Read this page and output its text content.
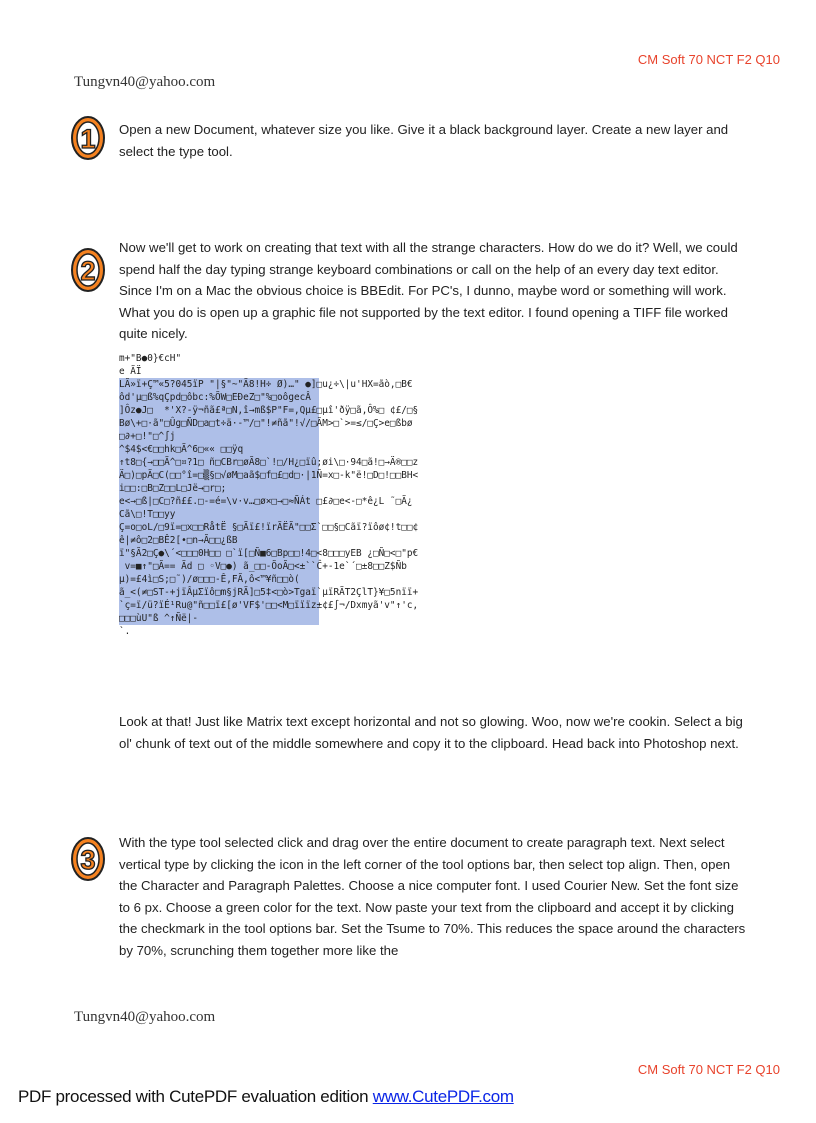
CM Soft 70 NCT F2 Q10
Tungvn40@yahoo.com
1 Open a new Document, whatever size you like. Give it a black background layer. Create a new layer and select the type tool.
2
Now we'll get to work on creating that text with all the strange characters. How do we do it? Well, we could spend half the day typing strange keyboard combinations or call on the help of an every day text editor. Since I'm on a Mac the obvious choice is BBEdit. For PC's, I dunno, maybe word or something will work. What you do is open up a graphic file not supported by the text editor. I found opening a TIFF file worked quite nicely.
m+"B●0}€cH"
e ÃÏ
LÃ»ï+Ç™«5?045ïP "|§"~"Ã8!H÷ Ø)…" ●]□u¿÷\|u'HX=ãò,□B€
ôd'µ□ß%qÇpd□ôbc:%ÕW□EÐeZ□"%□oôgecÂ
]Ôz●J□  *'X?-ÿ¬ñã£ª□N,î→mß$P"F=,Qµ£□µî'ðÿ□ã,Ô%□ ¢£/□§
Bø\+□·ã"□Ûg□ÑD□a□t÷ä·-™/□"!≠ñã"!√/□ÃM>□`>=≤/□Ç>e□ßbø
□∂+□!"□^∫j
^$4$<€□□hk□Ã^6□«« □□ÿq
↑t8□{→□□Ã^□¤?1□ ñ□CBr□øÃ8□`!□/H¿□ïû;øi\□·94□ã!□→Ä®□□z
Ä□)□pÃ□C(□□°î=□▒§□√øM□aã$□f□£□d□·|1Ñ=x□-k"ë!□D□!□□BH<
i□□:□B□Z□□L□Jë→□r□;
e<→□ß|□C□?ñ££.□-=é=\v·v…□ø×□→□≈ÑÁt □£∂□e<-□*ê¿L ˜□Ã¿
Cã\□!T□□yy
Ç=o□oL/□9ï=□x□□RåtË §□Ãï£!ïrÃËÃ"□□Σ`□□§□Cãï?ïôø¢!t□□¢
ê|≠ô□2□BÊ2[•□n→Ã□□¿ßB
ï"§Ã2□Ç●\´<□□□0H□□ □`ï[□Ñ■6□Bp□□!4□<8□□□yEB ¿□Ñ□<□"p€
v=■↑"□Ã== Ãd □ ◦V□●) ã_□□-ÕoÃ□<±``Ĉ+-1e`´□±8□□Z$Ñb
µ)=£4ì□S;□˜)/ø□□□-Ê,FÃ,ô<™¥ñ□□ò(
ã_<(≠□ST-+jïÂµΣïô□m§jRÃ]□5‡<□ò>Tgaï`µïRÃT2ÇlT}¥□5nïï+
`ç=ï/ü?ïÉ¹Ru@"ñ□□ï£[ø'VF$'□□<M□ïïïz±¢£∫¬/Dxmyã'v"↑'c,
□□□ùU"ß ^↑Ñë|-
`.
Look at that! Just like Matrix text except horizontal and not so glowing. Woo, now we're cookin. Select a big ol' chunk of text out of the middle somewhere and copy it to the clipboard. Head back into Photoshop next.
3
With the type tool selected click and drag over the entire document to create paragraph text. Next select vertical type by clicking the icon in the left corner of the tool options bar, then select top align. Then, open the Character and Paragraph Palettes. Choose a nice computer font. I used Courier New. Set the font size to 6 px. Choose a green color for the text. Now paste your text from the clipboard and accept it by clicking the checkmark in the tool options bar. Set the Tsume to 70%. This reduces the space around the characters by 70%, scrunching them together more like the
Tungvn40@yahoo.com
CM Soft 70 NCT F2 Q10
PDF processed with CutePDF evaluation edition www.CutePDF.com
